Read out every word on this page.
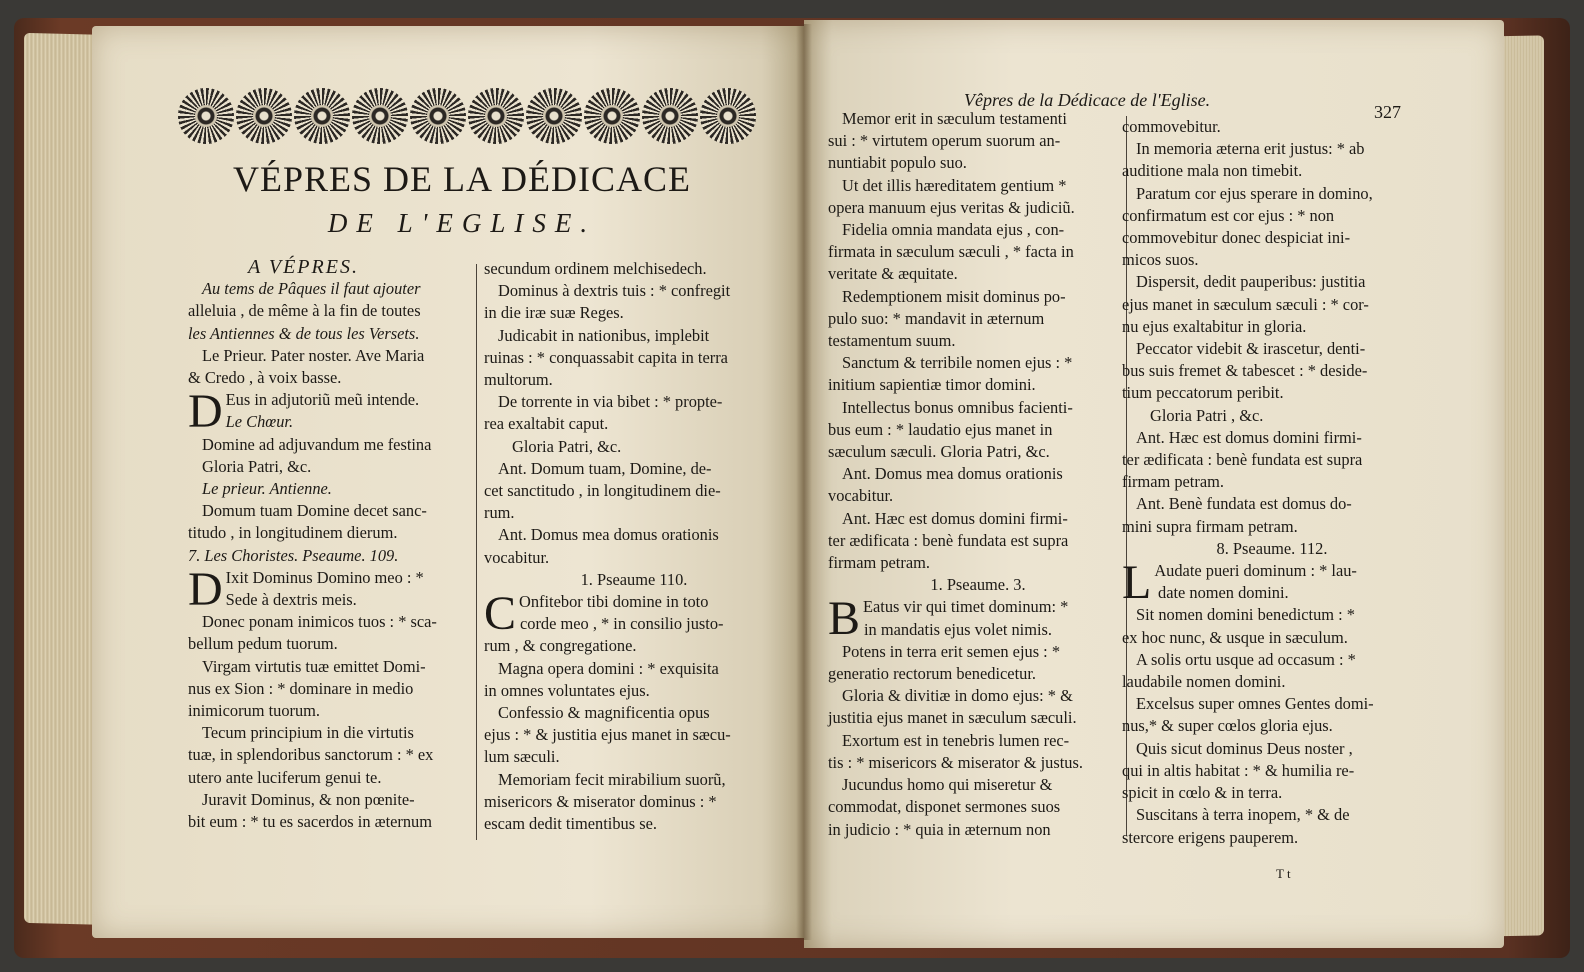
VÉPRES DE LA DÉDICACE
DE L'EGLISE.
A VÉPRES.
Au tems de Pâques il faut ajouter
alleluia , de même à la fin de toutes
les Antiennes & de tous les Versets.
Le Prieur. Pater noster. Ave Maria
& Credo , à voix basse.
D Eus in adjutoriũ meũ intende.
Le Chœur.
Domine ad adjuvandum me festina
Gloria Patri, &c.
Le prieur. Antienne.
Domum tuam Domine decet sanc-
titudo , in longitudinem dierum.
7. Les Choristes. Pseaume. 109.
D Ixit Dominus Domino meo : *
Sede à dextris meis.
Donec ponam inimicos tuos : * sca-
bellum pedum tuorum.
Virgam virtutis tuæ emittet Domi-
nus ex Sion : * dominare in medio
inimicorum tuorum.
Tecum principium in die virtutis
tuæ, in splendoribus sanctorum : * ex
utero ante luciferum genui te.
Juravit Dominus, & non pœnite-
bit eum : * tu es sacerdos in æternum
secundum ordinem melchisedech.
Dominus à dextris tuis : * confregit
in die iræ suæ Reges.
Judicabit in nationibus, implebit
ruinas : * conquassabit capita in terra
multorum.
De torrente in via bibet : * propte-
rea exaltabit caput.
Gloria Patri, &c.
Ant. Domum tuam, Domine, de-
cet sanctitudo , in longitudinem die-
rum.
Ant. Domus mea domus orationis
vocabitur.
1. Pseaume 110.
C Onfitebor tibi domine in toto
corde meo , * in consilio justo-
rum , & congregatione.
Magna opera domini : * exquisita
in omnes voluntates ejus.
Confessio & magnificentia opus
ejus : * & justitia ejus manet in sæcu-
lum sæculi.
Memoriam fecit mirabilium suorũ,
misericors & miserator dominus : *
escam dedit timentibus se.
Vêpres de la Dédicace de l'Eglise.
327
Memor erit in sæculum testamenti
sui : * virtutem operum suorum an-
nuntiabit populo suo.
Ut det illis hæreditatem gentium *
opera manuum ejus veritas & judiciũ.
Fidelia omnia mandata ejus , con-
firmata in sæculum sæculi , * facta in
veritate & æquitate.
Redemptionem misit dominus po-
pulo suo: * mandavit in æternum
testamentum suum.
Sanctum & terribile nomen ejus : *
initium sapientiæ timor domini.
Intellectus bonus omnibus facienti-
bus eum : * laudatio ejus manet in
sæculum sæculi. Gloria Patri, &c.
Ant. Domus mea domus orationis
vocabitur.
Ant. Hæc est domus domini firmi-
ter ædificata : benè fundata est supra
firmam petram.
1. Pseaume. 3.
B Eatus vir qui timet dominum: *
in mandatis ejus volet nimis.
Potens in terra erit semen ejus : *
generatio rectorum benedicetur.
Gloria & divitiæ in domo ejus: * &
justitia ejus manet in sæculum sæculi.
Exortum est in tenebris lumen rec-
tis : * misericors & miserator & justus.
Jucundus homo qui miseretur &
commodat, disponet sermones suos
in judicio : * quia in æternum non
commovebitur.
In memoria æterna erit justus: * ab
auditione mala non timebit.
Paratum cor ejus sperare in domino,
confirmatum est cor ejus : * non
commovebitur donec despiciat ini-
micos suos.
Dispersit, dedit pauperibus: justitia
ejus manet in sæculum sæculi : * cor-
nu ejus exaltabitur in gloria.
Peccator videbit & irascetur, denti-
bus suis fremet & tabescet : * deside-
tium peccatorum peribit.
Gloria Patri , &c.
Ant. Hæc est domus domini firmi-
ter ædificata : benè fundata est supra
firmam petram.
Ant. Benè fundata est domus do-
mini supra firmam petram.
8. Pseaume. 112.
L Audate pueri dominum : * lau-
date nomen domini.
Sit nomen domini benedictum : *
ex hoc nunc, & usque in sæculum.
A solis ortu usque ad occasum : *
laudabile nomen domini.
Excelsus super omnes Gentes domi-
nus,* & super cœlos gloria ejus.
Quis sicut dominus Deus noster ,
qui in altis habitat : * & humilia re-
spicit in cœlo & in terra.
Suscitans à terra inopem, * & de
stercore erigens pauperem.
T t
